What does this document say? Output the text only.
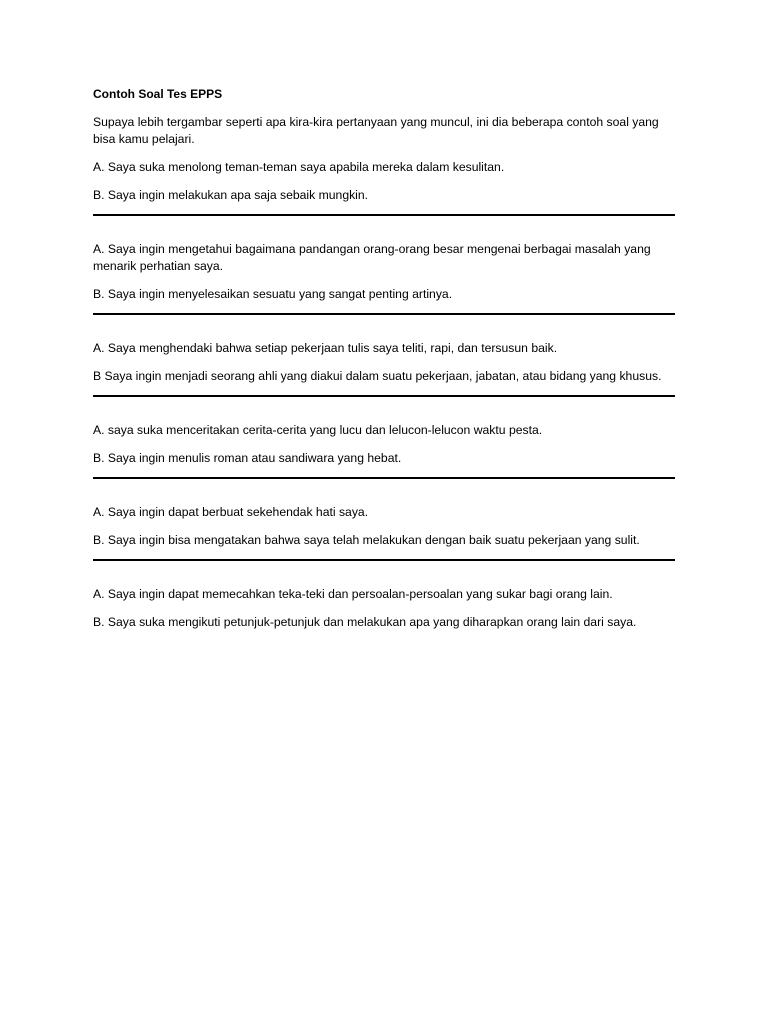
Contoh Soal Tes EPPS
Supaya lebih tergambar seperti apa kira-kira pertanyaan yang muncul, ini dia beberapa contoh soal yang bisa kamu pelajari.
A. Saya suka menolong teman-teman saya apabila mereka dalam kesulitan.
B. Saya ingin melakukan apa saja sebaik mungkin.
A. Saya ingin mengetahui bagaimana pandangan orang-orang besar mengenai berbagai masalah yang menarik perhatian saya.
B. Saya ingin menyelesaikan sesuatu yang sangat penting artinya.
A. Saya menghendaki bahwa setiap pekerjaan tulis saya teliti, rapi, dan tersusun baik.
B Saya ingin menjadi seorang ahli yang diakui dalam suatu pekerjaan, jabatan, atau bidang yang khusus.
A. saya suka menceritakan cerita-cerita yang lucu dan lelucon-lelucon waktu pesta.
B. Saya ingin menulis roman atau sandiwara yang hebat.
A. Saya ingin dapat berbuat sekehendak hati saya.
B. Saya ingin bisa mengatakan bahwa saya telah melakukan dengan baik suatu pekerjaan yang sulit.
A. Saya ingin dapat memecahkan teka-teki dan persoalan-persoalan yang sukar bagi orang lain.
B. Saya suka mengikuti petunjuk-petunjuk dan melakukan apa yang diharapkan orang lain dari saya.
